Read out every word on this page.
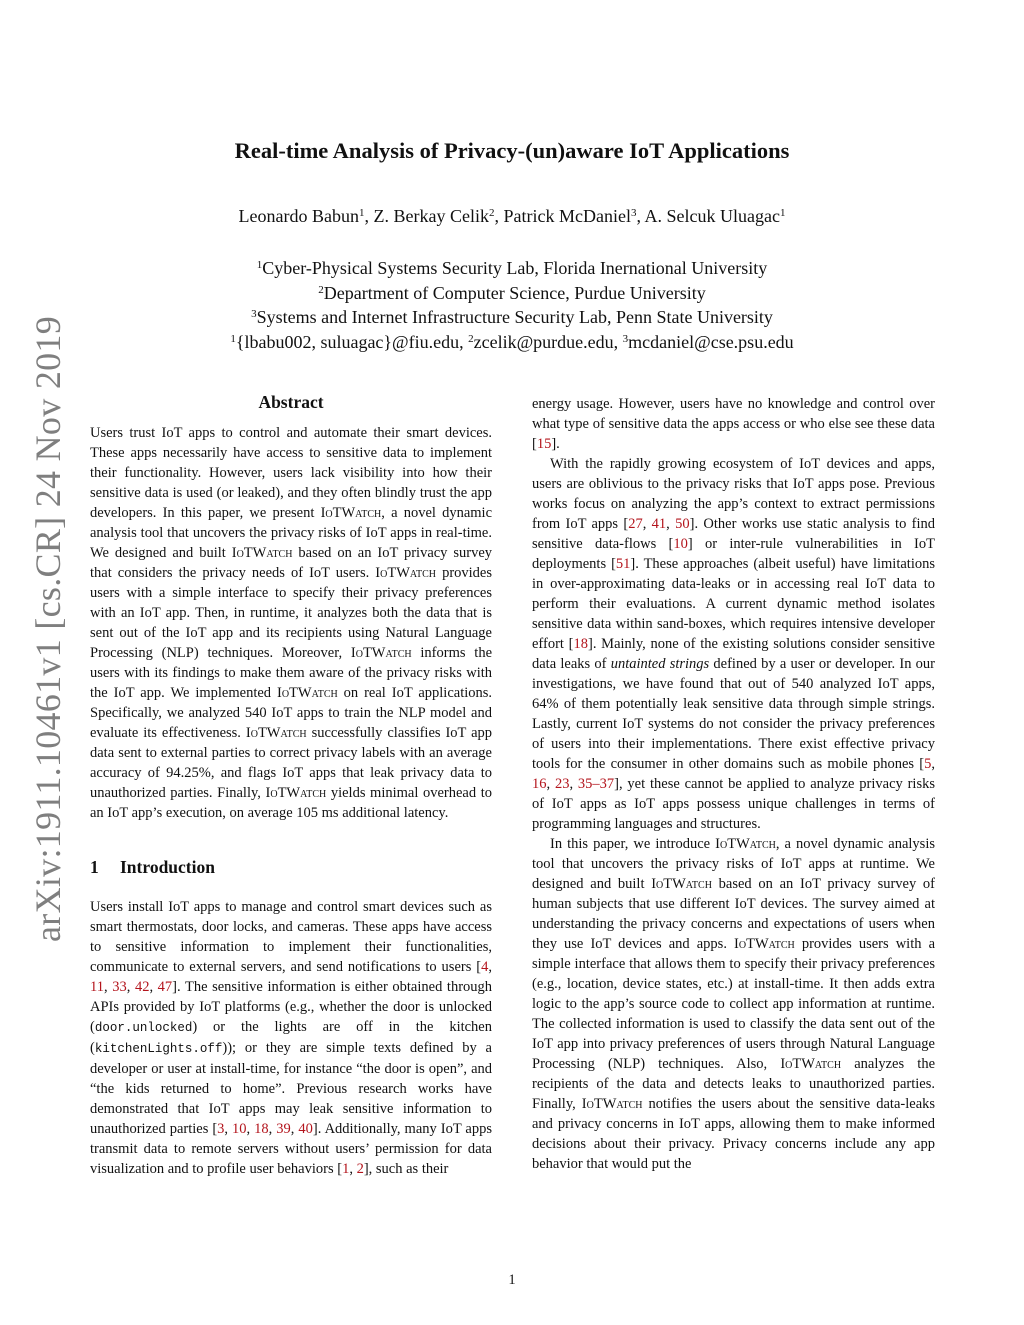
Real-time Analysis of Privacy-(un)aware IoT Applications
Leonardo Babun$^1$, Z. Berkay Celik$^2$, Patrick McDaniel$^3$, A. Selcuk Uluagac$^1$
$^1$Cyber-Physical Systems Security Lab, Florida Inernational University
$^2$Department of Computer Science, Purdue University
$^3$Systems and Internet Infrastructure Security Lab, Penn State University
$^1${lbabu002, suluagac}@fiu.edu, $^2$zcelik@purdue.edu, $^3$mcdaniel@cse.psu.edu
arXiv:1911.10461v1 [cs.CR] 24 Nov 2019	Abstract

Users trust IoT apps to control and automate their smart devices. These apps necessarily have access to sensitive data to implement their functionality. However, users lack visibility into how their sensitive data is used (or leaked), and they often blindly trust the app developers. In this paper, we present IoTWatch, a novel dynamic analysis tool that uncovers the privacy risks of IoT apps in real-time. We designed and built IoTWatch based on an IoT privacy survey that considers the privacy needs of IoT users. IoTWatch provides users with a simple interface to specify their privacy preferences with an IoT app. Then, in runtime, it analyzes both the data that is sent out of the IoT app and its recipients using Natural Language Processing (NLP) techniques. Moreover, IoTWatch informs the users with its findings to make them aware of the privacy risks with the IoT app. We implemented IoTWatch on real IoT applications. Specifically, we analyzed 540 IoT apps to train the NLP model and evaluate its effectiveness. IoTWatch successfully classifies IoT app data sent to external parties to correct privacy labels with an average accuracy of 94.25%, and flags IoT apps that leak privacy data to unauthorized parties. Finally, IoTWatch yields minimal overhead to an IoT app’s execution, on average 105 ms additional latency.

1 Introduction

Users install IoT apps to manage and control smart devices such as smart thermostats, door locks, and cameras. These apps have access to sensitive information to implement their functionalities, communicate to external servers, and send notifications to users [4, 11, 33, 42, 47]. The sensitive information is either obtained through APIs provided by IoT platforms (e.g., whether the door is unlocked (door.unlocked) or the lights are off in the kitchen (kitchenLights.off)); or they are simple texts defined by a developer or user at install-time, for instance “the door is open”, and “the kids returned to home”. Previous research works have demonstrated that IoT apps may leak sensitive information to unauthorized parties [3, 10, 18, 39, 40]. Additionally, many IoT apps transmit data to remote servers without users’ permission for data visualization and to profile user behaviors [1, 2], such as their

energy usage. However, users have no knowledge and control over what type of sensitive data the apps access or who else see these data [15].

With the rapidly growing ecosystem of IoT devices and apps, users are oblivious to the privacy risks that IoT apps pose. Previous works focus on analyzing the app’s context to extract permissions from IoT apps [27, 41, 50]. Other works use static analysis to find sensitive data-flows [10] or inter-rule vulnerabilities in IoT deployments [51]. These approaches (albeit useful) have limitations in over-approximating data-leaks or in accessing real IoT data to perform their evaluations. A current dynamic method isolates sensitive data within sand-boxes, which requires intensive developer effort [18]. Mainly, none of the existing solutions consider sensitive data leaks of untainted strings defined by a user or developer. In our investigations, we have found that out of 540 analyzed IoT apps, 64% of them potentially leak sensitive data through simple strings. Lastly, current IoT systems do not consider the privacy preferences of users into their implementations. There exist effective privacy tools for the consumer in other domains such as mobile phones [5, 16, 23, 35–37], yet these cannot be applied to analyze privacy risks of IoT apps as IoT apps possess unique challenges in terms of programming languages and structures.

In this paper, we introduce IoTWatch, a novel dynamic analysis tool that uncovers the privacy risks of IoT apps at runtime. We designed and built IoTWatch based on an IoT privacy survey of human subjects that use different IoT devices. The survey aimed at understanding the privacy concerns and expectations of users when they use IoT devices and apps. IoTWatch provides users with a simple interface that allows them to specify their privacy preferences (e.g., location, device states, etc.) at install-time. It then adds extra logic to the app’s source code to collect app information at runtime. The collected information is used to classify the data sent out of the IoT app into privacy preferences of users through Natural Language Processing (NLP) techniques. Also, IoTWatch analyzes the recipients of the data and detects leaks to unauthorized parties. Finally, IoTWatch notifies the users about the sensitive data-leaks and privacy concerns in IoT apps, allowing them to make informed decisions about their privacy. Privacy concerns include any app behavior that would put the

1
